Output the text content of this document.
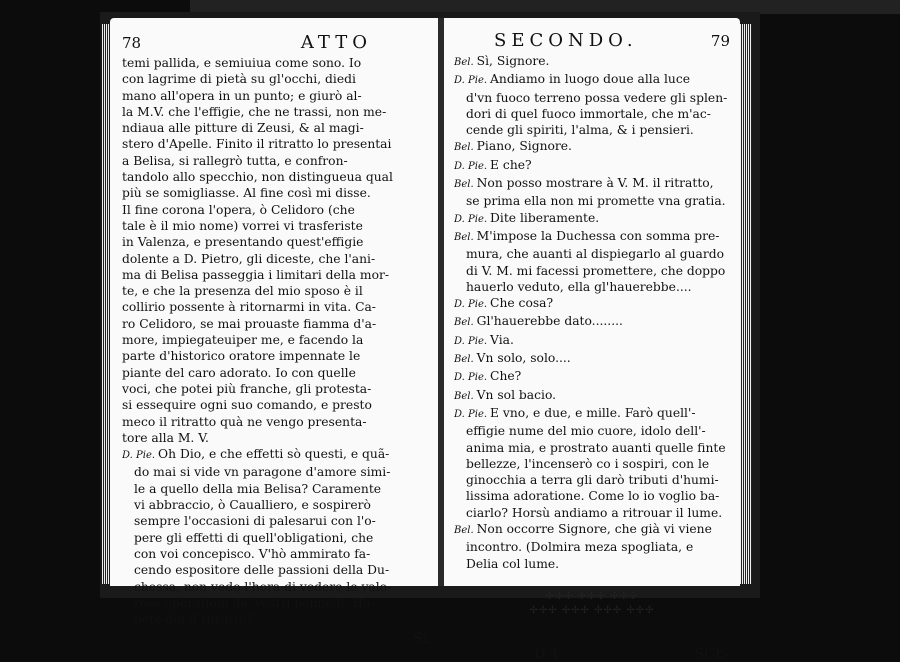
78	ATTO
temi pallida, e semiuiua come sono. Io
con lagrime di pietà su gl'occhi, diedi
mano all'opera in un punto; e giurò al-
la M.V. che l'effigie, che ne trassi, non me-
ndiaua alle pitture di Zeusi, & al magi-
stero d'Apelle. Finito il ritratto lo presentai
a Belisa, si rallegrò tutta, e confron-
tandolo allo specchio, non distingueua qual
più se somigliasse. Al fine così mi disse.
Il fine corona l'opera, ò Celidoro (che
tale è il mio nome) vorrei vi trasferiste
in Valenza, e presentando quest'effigie
dolente a D. Pietro, gli diceste, che l'ani-
ma di Belisa passeggia i limitari della mor-
te, e che la presenza del mio sposo è il
collirio possente à ritornarmi in vita. Ca-
ro Celidoro, se mai prouaste fiamma d'a-
more, impiegateuiper me, e facendo la
parte d'historico oratore impennate le
piante del caro adorato. Io con quelle
voci, che potei più franche, gli protesta-
si essequire ogni suo comando, e presto
meco il ritratto quà ne vengo presenta-
tore alla M. V.
D. Pie. Oh Dio, e che effetti sò questi, e quã-
do mai si vide vn paragone d'amore simi-
le a quello della mia Belisa? Caramente
vi abbraccio, ò Caualliero, e sospirerò
sempre l'occasioni di palesarui con l'o-
pere gli effetti di quell'obligationi, che
con voi concepisco. V'hò ammirato fa-
cendo espositore delle passioni della Du-
chessa, non vedo l'hora di vedere le valo-
rose operationi de' vostri pennelli. Ha-
uete quì il ritratto?
Sì,
SECONDO.	79
Bel. Sì, Signore.
D. Pie. Andiamo in luogo doue alla luce
d'vn fuoco terreno possa vedere gli splen-
dori di quel fuoco immortale, che m'ac-
cende gli spiriti, l'alma, & i pensieri.
Bel. Piano, Signore.
D. Pie. E che?
Bel. Non posso mostrare à V. M. il ritratto,
se prima ella non mi promette vna gratia.
D. Pie. Dite liberamente.
Bel. M'impose la Duchessa con somma pre-
mura, che auanti al dispiegarlo al guardo
di V. M. mi facessi promettere, che doppo
hauerlo veduto, ella gl'hauerebbe....
D. Pie. Che cosa?
Bel. Gl'hauerebbe dato........
D. Pie. Via.
Bel. Vn solo, solo....
D. Pie. Che?
Bel. Vn sol bacio.
D. Pie. E vno, e due, e mille. Farò quell'-
effigie nume del mio cuore, idolo dell'-
anima mia, e prostrato auanti quelle finte
bellezze, l'incenserò co i sospiri, con le
ginocchia a terra gli darò tributi d'humi-
lissima adoratione. Come lo io voglio ba-
ciarlo? Horsù andiamo a ritrouar il lume.
Bel. Non occorre Signore, che già vi viene
incontro. (Dolmira meza spogliata, e
Delia col lume.
✢✢✢ ✢✢✢ ✢✢✢
✢✢✢ ✢✢✢ ✢✢✢ ✢✢✢
D 4	SCE-
